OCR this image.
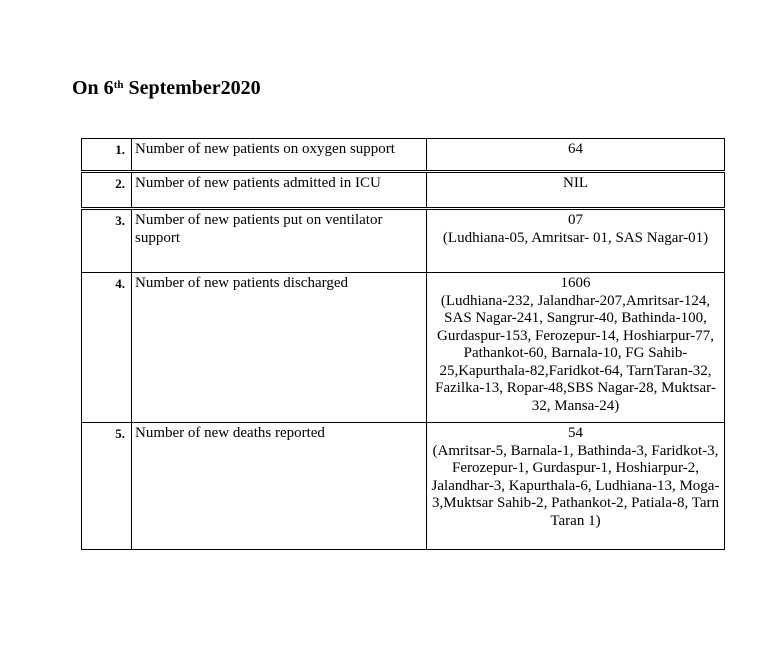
On 6th September2020
1.	Number of new patients on oxygen support	64

2.	Number of new patients admitted in ICU	NIL

3.	Number of new patients put on ventilator support	07
(Ludhiana-05, Amritsar- 01, SAS Nagar-01)

4.	Number of new patients discharged	1606
(Ludhiana-232, Jalandhar-207,Amritsar-124, SAS Nagar-241, Sangrur-40, Bathinda-100, Gurdaspur-153, Ferozepur-14, Hoshiarpur-77, Pathankot-60, Barnala-10, FG Sahib-25,Kapurthala-82,Faridkot-64, TarnTaran-32, Fazilka-13, Ropar-48,SBS Nagar-28, Muktsar-32, Mansa-24)

5.	Number of new deaths reported	54
(Amritsar-5, Barnala-1, Bathinda-3, Faridkot-3, Ferozepur-1, Gurdaspur-1, Hoshiarpur-2, Jalandhar-3, Kapurthala-6, Ludhiana-13, Moga-3,Muktsar Sahib-2, Pathankot-2, Patiala-8, Tarn Taran 1)
